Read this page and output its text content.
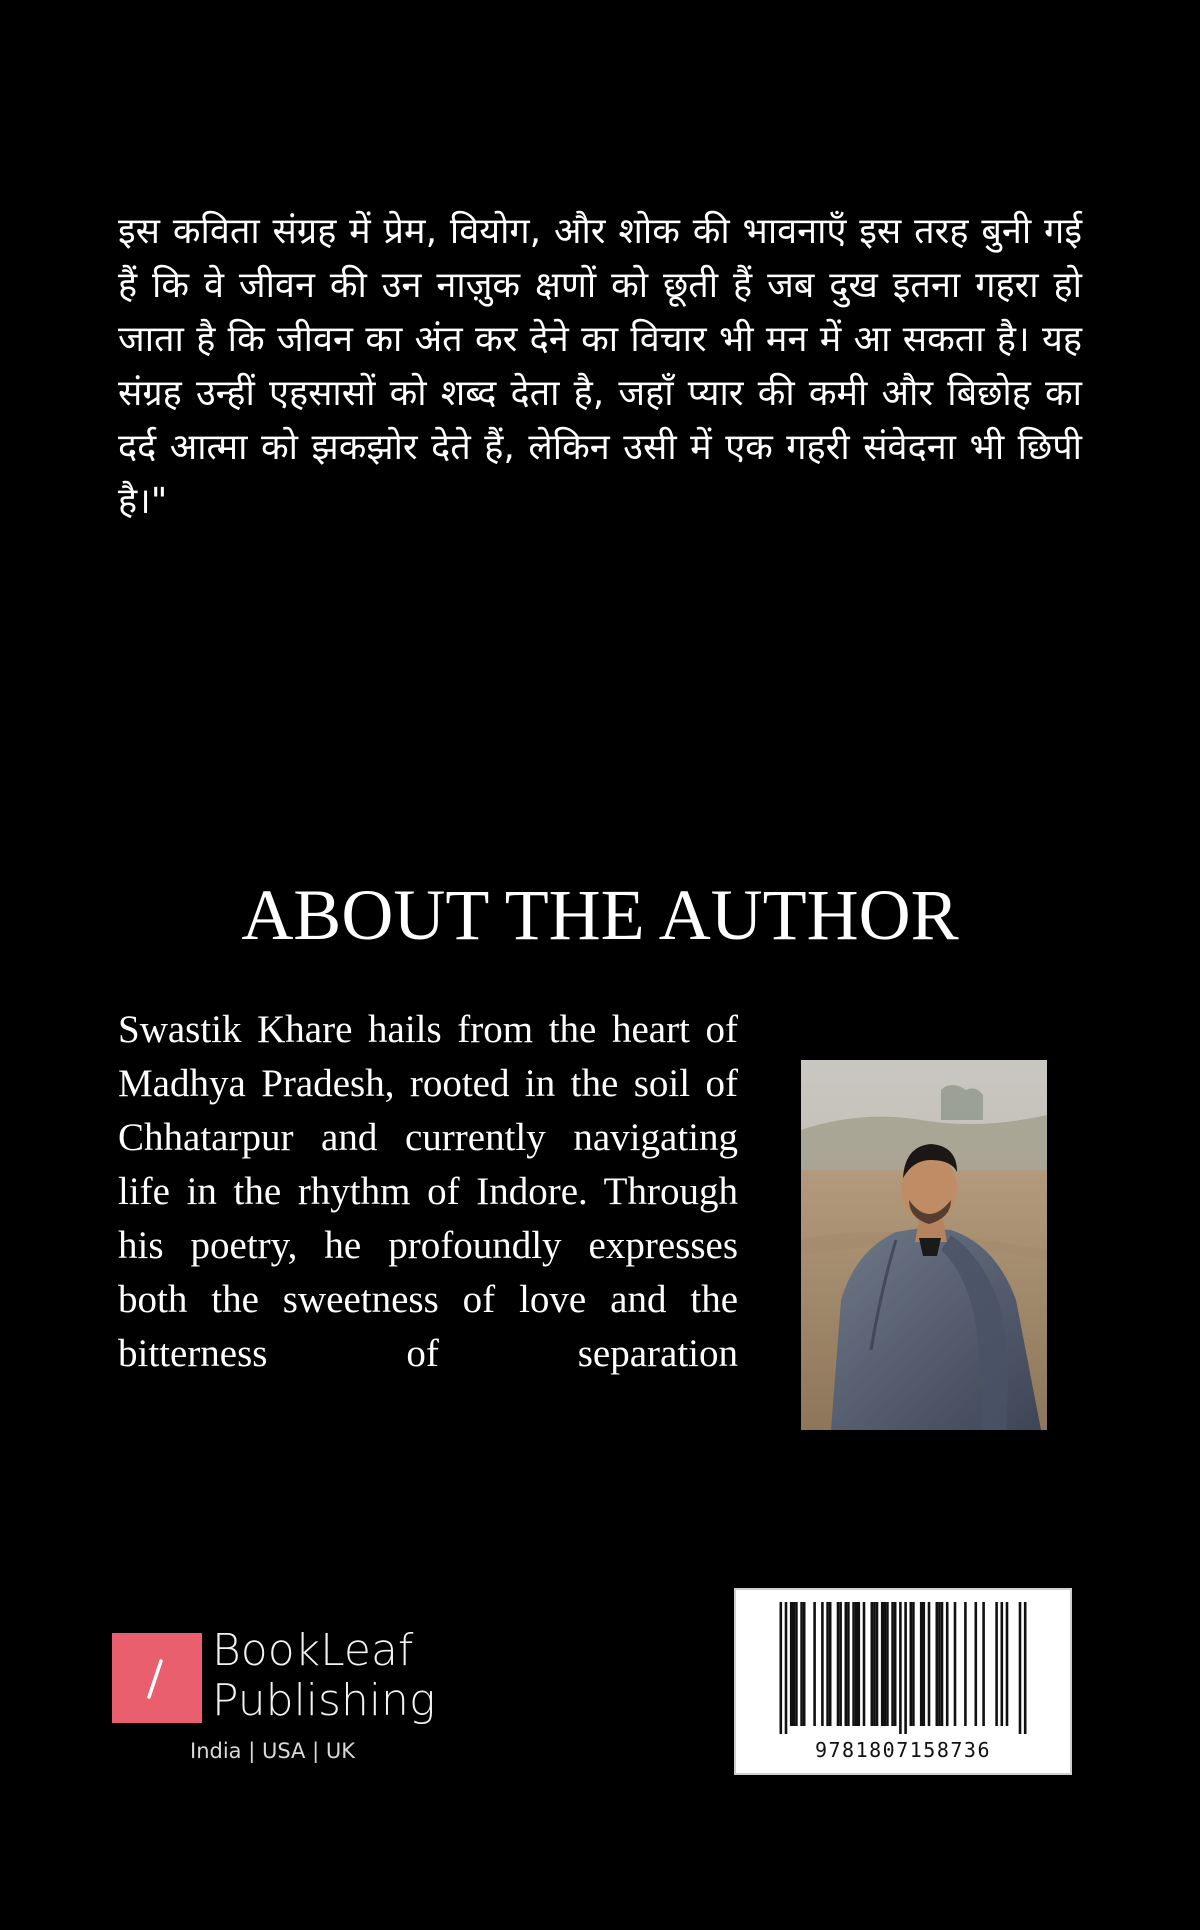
इस कविता संग्रह में प्रेम, वियोग, और शोक की भावनाएँ इस तरह बुनी गई हैं कि वे जीवन की उन नाज़ुक क्षणों को छूती हैं जब दुख इतना गहरा हो जाता है कि जीवन का अंत कर देने का विचार भी मन में आ सकता है। यह संग्रह उन्हीं एहसासों को शब्द देता है, जहाँ प्यार की कमी और बिछोह का दर्द आत्मा को झकझोर देते हैं, लेकिन उसी में एक गहरी संवेदना भी छिपी है।"

ABOUT THE AUTHOR

Swastik Khare hails from the heart of Madhya Pradesh, rooted in the soil of Chhatarpur and currently navigating life in the rhythm of Indore. Through his poetry, he profoundly expresses both the sweetness of love and the bitterness of separation

BookLeaf
Publishing
India | USA | UK	9781807158736
